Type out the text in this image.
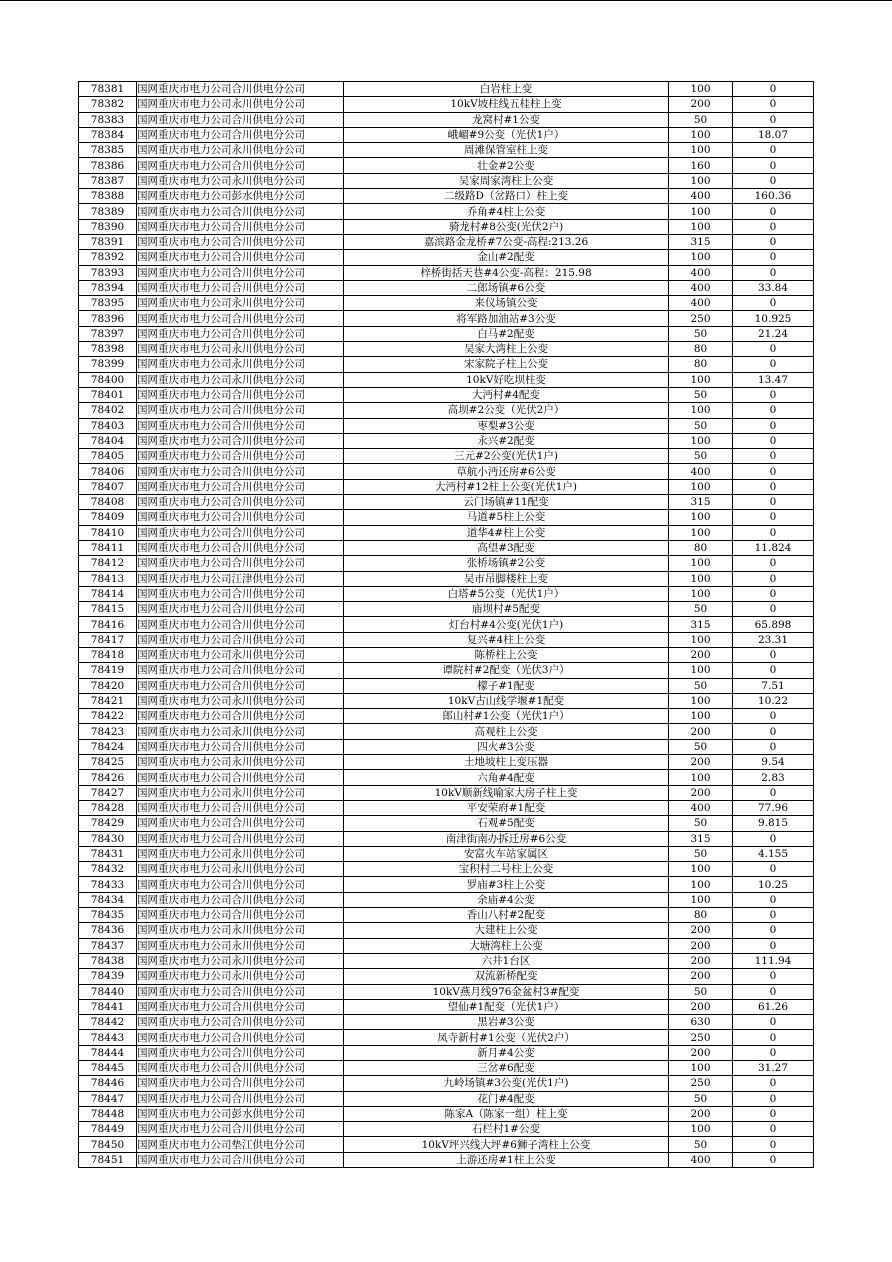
78381	国网重庆市电力公司合川供电分公司	白岩柱上变	100	0
78382	国网重庆市电力公司永川供电分公司	10kV坡柱线五桂柱上变	200	0
78383	国网重庆市电力公司合川供电分公司	龙窝村#1公变	50	0
78384	国网重庆市电力公司合川供电分公司	峨嵋#9公变（光伏1户）	100	18.07
78385	国网重庆市电力公司永川供电分公司	周滩保管室柱上变	100	0
78386	国网重庆市电力公司合川供电分公司	壮金#2公变	160	0
78387	国网重庆市电力公司永川供电分公司	吴家周家湾柱上公变	100	0
78388	国网重庆市电力公司彭水供电分公司	二级路D（岔路口）柱上变	400	160.36
78389	国网重庆市电力公司合川供电分公司	乔角#4柱上公变	100	0
78390	国网重庆市电力公司合川供电分公司	骑龙村#8公变(光伏2户)	100	0
78391	国网重庆市电力公司合川供电分公司	嘉滨路金龙桥#7公变-高程:213.26	315	0
78392	国网重庆市电力公司合川供电分公司	金山#2配变	100	0
78393	国网重庆市电力公司合川供电分公司	梓桥街括天巷#4公变-高程：215.98	400	0
78394	国网重庆市电力公司合川供电分公司	二郎场镇#6公变	400	33.84
78395	国网重庆市电力公司永川供电分公司	来仪场镇公变	400	0
78396	国网重庆市电力公司合川供电分公司	将军路加油站#3公变	250	10.925
78397	国网重庆市电力公司合川供电分公司	白马#2配变	50	21.24
78398	国网重庆市电力公司永川供电分公司	吴家大湾柱上公变	80	0
78399	国网重庆市电力公司永川供电分公司	宋家院子柱上公变	80	0
78400	国网重庆市电力公司永川供电分公司	10kV好吃坝柱变	100	13.47
78401	国网重庆市电力公司合川供电分公司	大沔村#4配变	50	0
78402	国网重庆市电力公司合川供电分公司	高坝#2公变（光伏2户）	100	0
78403	国网重庆市电力公司合川供电分公司	枣梨#3公变	50	0
78404	国网重庆市电力公司合川供电分公司	永兴#2配变	100	0
78405	国网重庆市电力公司合川供电分公司	三元#2公变(光伏1户)	50	0
78406	国网重庆市电力公司合川供电分公司	草航小沔还房#6公变	400	0
78407	国网重庆市电力公司合川供电分公司	大沔村#12柱上公变(光伏1户)	100	0
78408	国网重庆市电力公司合川供电分公司	云门场镇#11配变	315	0
78409	国网重庆市电力公司合川供电分公司	马道#5柱上公变	100	0
78410	国网重庆市电力公司合川供电分公司	道华4#柱上公变	100	0
78411	国网重庆市电力公司合川供电分公司	高望#3配变	80	11.824
78412	国网重庆市电力公司合川供电分公司	张桥场镇#2公变	100	0
78413	国网重庆市电力公司江津供电分公司	吴市吊脚楼柱上变	100	0
78414	国网重庆市电力公司合川供电分公司	白塔#5公变（光伏1户）	100	0
78415	国网重庆市电力公司合川供电分公司	庙坝村#5配变	50	0
78416	国网重庆市电力公司合川供电分公司	灯台村#4公变(光伏1户)	315	65.898
78417	国网重庆市电力公司合川供电分公司	复兴#4柱上公变	100	23.31
78418	国网重庆市电力公司永川供电分公司	陈桥柱上公变	200	0
78419	国网重庆市电力公司合川供电分公司	谭院村#2配变（光伏3户）	100	0
78420	国网重庆市电力公司合川供电分公司	檬子#1配变	50	7.51
78421	国网重庆市电力公司永川供电分公司	10kV古山线学堰#1配变	100	10.22
78422	国网重庆市电力公司合川供电分公司	郎山村#1公变（光伏1户）	100	0
78423	国网重庆市电力公司永川供电分公司	高观柱上公变	200	0
78424	国网重庆市电力公司合川供电分公司	四火#3公变	50	0
78425	国网重庆市电力公司永川供电分公司	土地坡柱上变压器	200	9.54
78426	国网重庆市电力公司合川供电分公司	六角#4配变	100	2.83
78427	国网重庆市电力公司永川供电分公司	10kV顺新线喻家大房子柱上变	200	0
78428	国网重庆市电力公司合川供电分公司	平安荣府#1配变	400	77.96
78429	国网重庆市电力公司合川供电分公司	石观#5配变	50	9.815
78430	国网重庆市电力公司合川供电分公司	南津街南办拆迁房#6公变	315	0
78431	国网重庆市电力公司永川供电分公司	安富火车站家属区	50	4.155
78432	国网重庆市电力公司永川供电分公司	宝积村二号柱上公变	100	0
78433	国网重庆市电力公司合川供电分公司	罗庙#3柱上公变	100	10.25
78434	国网重庆市电力公司合川供电分公司	余庙#4公变	100	0
78435	国网重庆市电力公司合川供电分公司	香山八村#2配变	80	0
78436	国网重庆市电力公司永川供电分公司	大建柱上公变	200	0
78437	国网重庆市电力公司永川供电分公司	大塘湾柱上公变	200	0
78438	国网重庆市电力公司永川供电分公司	六井1台区	200	111.94
78439	国网重庆市电力公司永川供电分公司	双流新桥配变	200	0
78440	国网重庆市电力公司合川供电分公司	10kV燕月线976金盆村3#配变	50	0
78441	国网重庆市电力公司合川供电分公司	望仙#1配变（光伏1户）	200	61.26
78442	国网重庆市电力公司合川供电分公司	黑岩#3公变	630	0
78443	国网重庆市电力公司合川供电分公司	凤寺新村#1公变（光伏2户）	250	0
78444	国网重庆市电力公司合川供电分公司	新月#4公变	200	0
78445	国网重庆市电力公司合川供电分公司	三岔#6配变	100	31.27
78446	国网重庆市电力公司合川供电分公司	九岭场镇#3公变(光伏1户)	250	0
78447	国网重庆市电力公司合川供电分公司	花门#4配变	50	0
78448	国网重庆市电力公司彭水供电分公司	陈家A（陈家一组）柱上变	200	0
78449	国网重庆市电力公司合川供电分公司	石栏村1#公变	100	0
78450	国网重庆市电力公司垫江供电分公司	10kV坪兴线大坪#6狮子湾柱上公变	50	0
78451	国网重庆市电力公司合川供电分公司	上游还房#1柱上公变	400	0
